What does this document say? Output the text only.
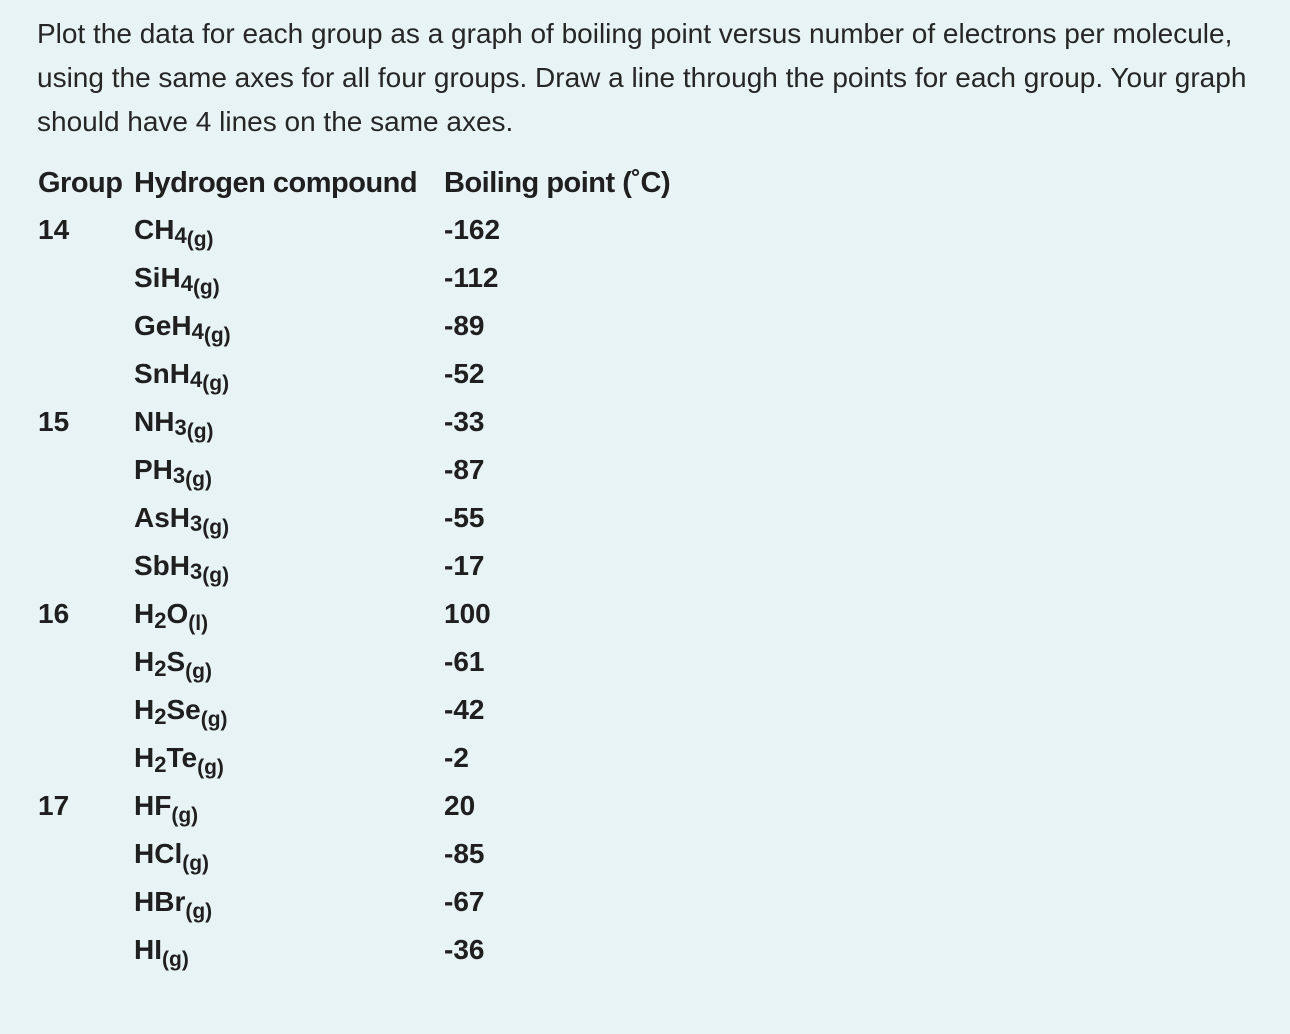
Plot the data for each group as a graph of boiling point versus number of electrons per molecule, using the same axes for all four groups. Draw a line through the points for each group. Your graph should have 4 lines on the same axes.

Group	Hydrogen compound	Boiling point (˚C)
14	$CH4_{(g)}$	-162
	$SiH4_{(g)}$	-112
	$GeH4_{(g)}$	-89
	$SnH4_{(g)}$	-52
15	$NH3_{(g)}$	-33
	$PH3_{(g)}$	-87
	$AsH3_{(g)}$	-55
	$SbH3_{(g)}$	-17
16	$H2O_{(l)}$	100
	$H2S_{(g)}$	-61
	$H2Se_{(g)}$	-42
	$H2Te_{(g)}$	-2
17	$HF_{(g)}$	20
	HCl$_{(g)}$	-85
	HBr$_{(g)}$	-67
	$HI_{(g)}$	-36
